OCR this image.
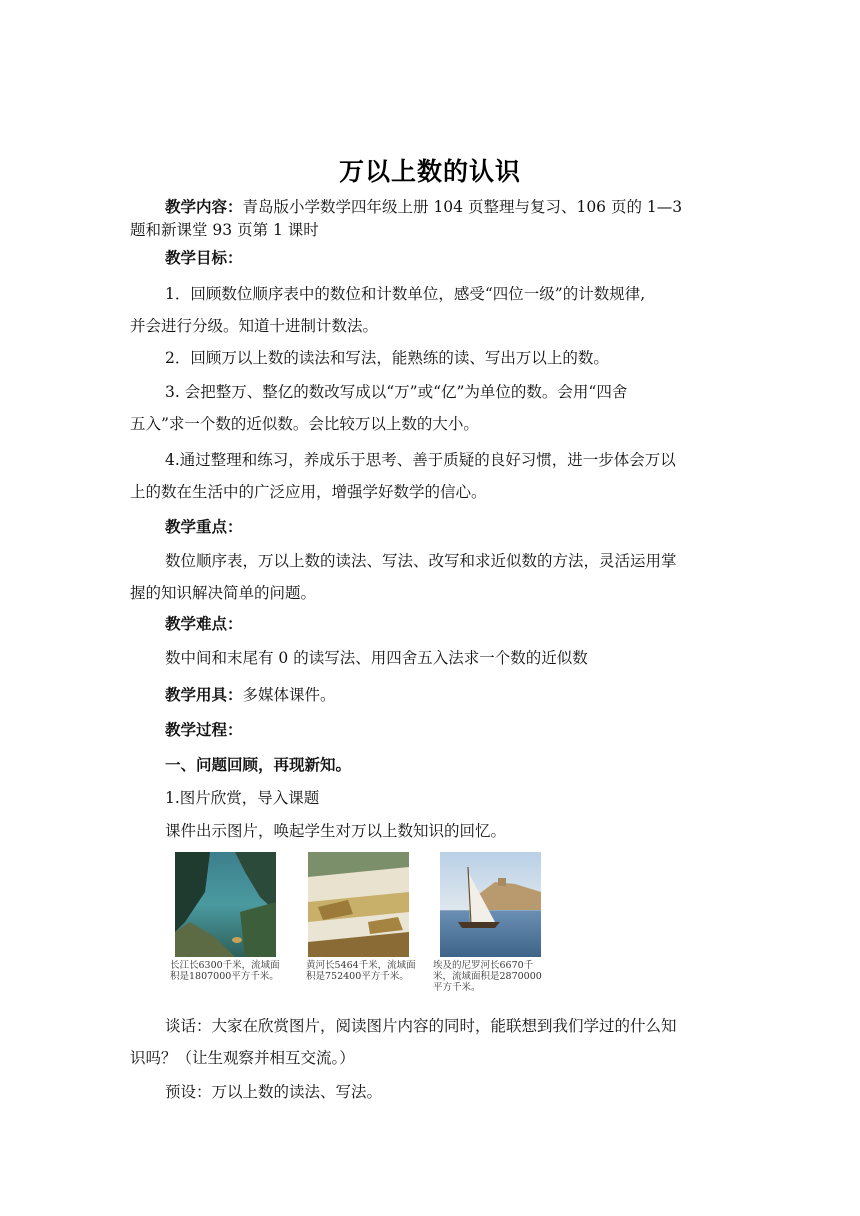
万以上数的认识
教学内容：青岛版小学数学四年级上册 104 页整理与复习、106 页的 1—3
题和新课堂 93 页第 1 课时
教学目标：
1．回顾数位顺序表中的数位和计数单位，感受“四位一级”的计数规律,
并会进行分级。知道十进制计数法。
2．回顾万以上数的读法和写法，能熟练的读、写出万以上的数。
3. 会把整万、整亿的数改写成以“万”或“亿”为单位的数。会用“四舍
五入”求一个数的近似数。会比较万以上数的大小。
4.通过整理和练习，养成乐于思考、善于质疑的良好习惯，进一步体会万以
上的数在生活中的广泛应用，增强学好数学的信心。
教学重点：
数位顺序表，万以上数的读法、写法、改写和求近似数的方法，灵活运用掌
握的知识解决简单的问题。
教学难点：
数中间和末尾有 0 的读写法、用四舍五入法求一个数的近似数
教学用具：多媒体课件。
教学过程：
一、问题回顾，再现新知。
1.图片欣赏，导入课题
课件出示图片，唤起学生对万以上数知识的回忆。
长江长6300千米，流域面积是1807000平方千米。
黄河长5464千米，流域面积是752400平方千米。
埃及的尼罗河长6670千米，流域面积是2870000平方千米。
谈话：大家在欣赏图片，阅读图片内容的同时，能联想到我们学过的什么知
识吗？（让生观察并相互交流。）
预设：万以上数的读法、写法。
